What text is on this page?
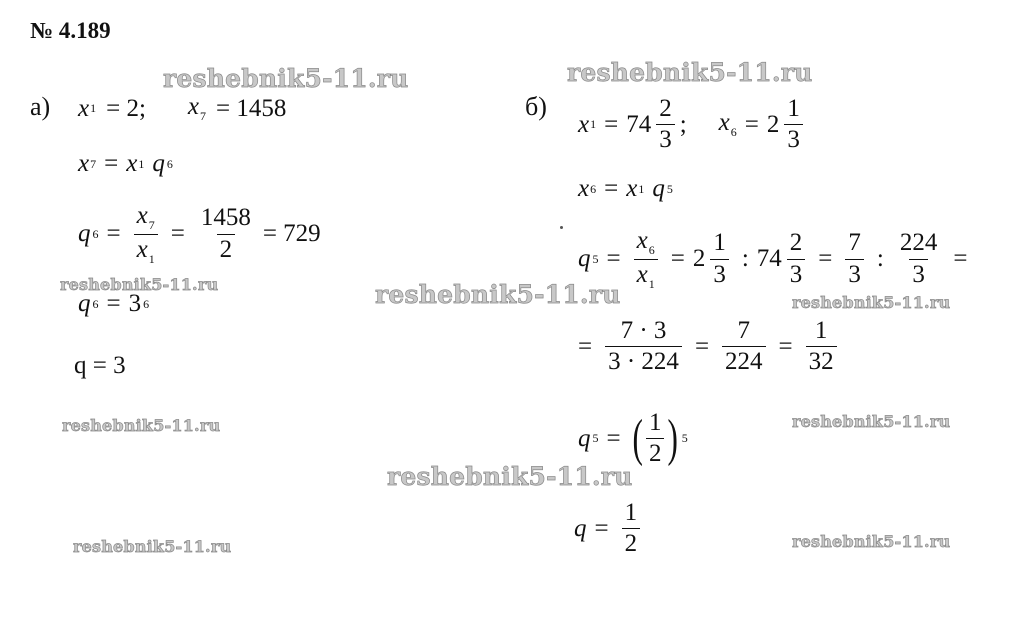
№ 4.189
reshebnik5-11.ru	reshebnik5-11.ru
reshebnik5-11.ru	reshebnik5-11.ru	reshebnik5-11.ru
reshebnik5-11.ru	reshebnik5-11.ru
reshebnik5-11.ru
reshebnik5-11.ru	reshebnik5-11.ru
а) x 1 = 2; $x_7 = 1458$
x 7 = x 1 q 6
q $6 = \frac{x_7}{x_1} = \frac{1458}{2} = 729$
q 6 = 3 6
q = 3
б)
x $1 = 74 \frac{2}{3}$ ; $x_6 = 2 \frac{1}{3}$
x 6 = x 1 q 5
q $5 = \frac{x_6}{x_1} = 2 \frac{1}{3}$ : $74 \frac{2}{3} = \frac{7}{3}$ : $\frac{224}{3}$ =
= $\frac{7 \cdot 3}{3 \cdot 224} = \frac{7}{224} = \frac{1}{32}$
q 5 = ( $\frac{1}{2}$ ) 5
$q = \frac{1}{2}$
